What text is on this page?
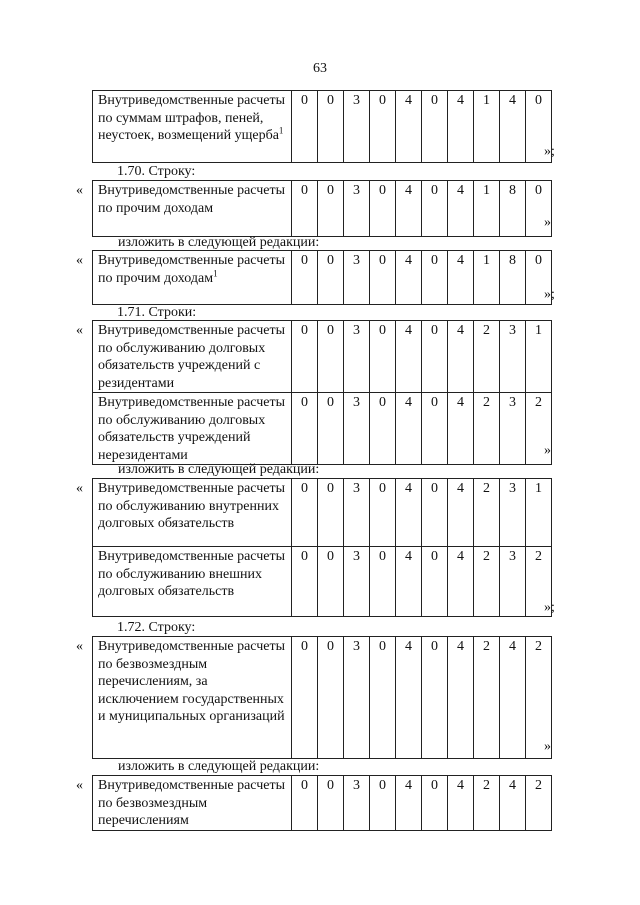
63
Внутриведомственные расчеты по суммам штрафов, пеней, неустоек, возмещений ущерба$^1$	0	0	3	0	4	0	4	1	4	0
»;
1.70. Строку:
« Внутриведомственные расчеты по прочим доходам	0	0	3	0	4	0	4	1	8	0
»
изложить в следующей редакции:
« Внутриведомственные расчеты по прочим доходам$^1$	0	0	3	0	4	0	4	1	8	0
»;
1.71. Строки:
« Внутриведомственные расчеты по обслуживанию долговых обязательств учреждений с резидентами	0	0	3	0	4	0	4	2	3	1
Внутриведомственные расчеты по обслуживанию долговых обязательств учреждений нерезидентами	0	0	3	0	4	0	4	2	3	2
»
изложить в следующей редакции:
« Внутриведомственные расчеты по обслуживанию внутренних долговых обязательств	0	0	3	0	4	0	4	2	3	1
Внутриведомственные расчеты по обслуживанию внешних долговых обязательств	0	0	3	0	4	0	4	2	3	2
»;
1.72. Строку:
« Внутриведомственные расчеты по безвозмездным перечислениям, за исключением государственных и муниципальных организаций	0	0	3	0	4	0	4	2	4	2
»
изложить в следующей редакции:
« Внутриведомственные расчеты по безвозмездным перечислениям	0	0	3	0	4	0	4	2	4	2
